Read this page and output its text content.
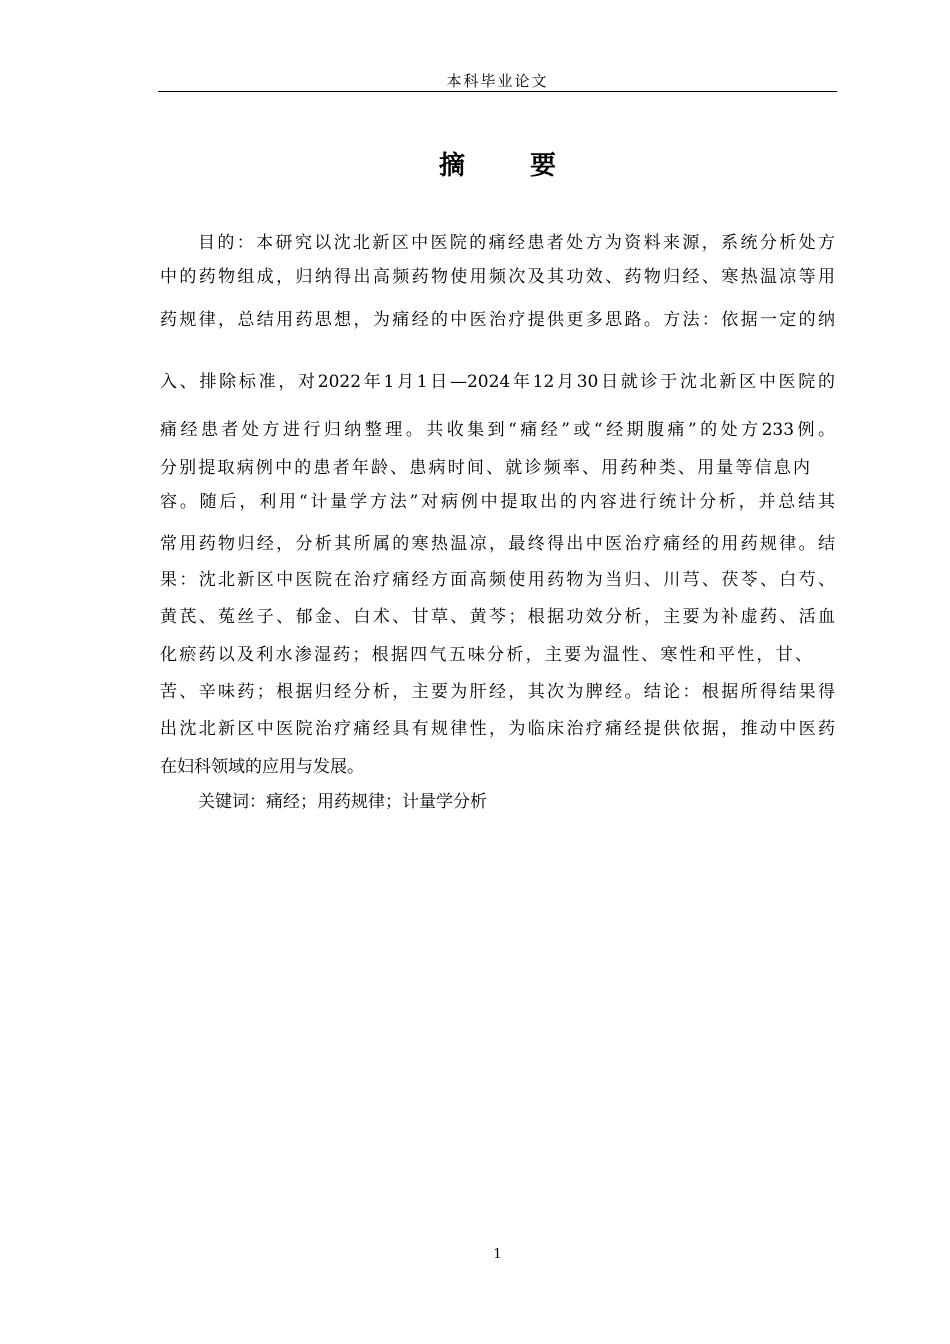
本科毕业论文
摘 要
目的：本研究以沈北新区中医院的痛经患者处方为资料来源，系统分析处方
中的药物组成，归纳得出高频药物使用频次及其功效、药物归经、寒热温凉等用
药规律，总结用药思想，为痛经的中医治疗提供更多思路。方法：依据一定的纳
入、排除标准，对2022年1月1日—2024年12月30日就诊于沈北新区中医院的
痛经患者处方进行归纳整理。共收集到“痛经”或“经期腹痛”的处方233例。
分别提取病例中的患者年龄、患病时间、就诊频率、用药种类、用量等信息内
容。随后，利用“计量学方法”对病例中提取出的内容进行统计分析，并总结其
常用药物归经，分析其所属的寒热温凉，最终得出中医治疗痛经的用药规律。结
果：沈北新区中医院在治疗痛经方面高频使用药物为当归、川芎、茯苓、白芍、
黄芪、菟丝子、郁金、白术、甘草、黄芩；根据功效分析，主要为补虚药、活血
化瘀药以及利水渗湿药；根据四气五味分析，主要为温性、寒性和平性，甘、
苦、辛味药；根据归经分析，主要为肝经，其次为脾经。结论：根据所得结果得
出沈北新区中医院治疗痛经具有规律性，为临床治疗痛经提供依据，推动中医药
在妇科领域的应用与发展。
关键词：痛经；用药规律；计量学分析
1
